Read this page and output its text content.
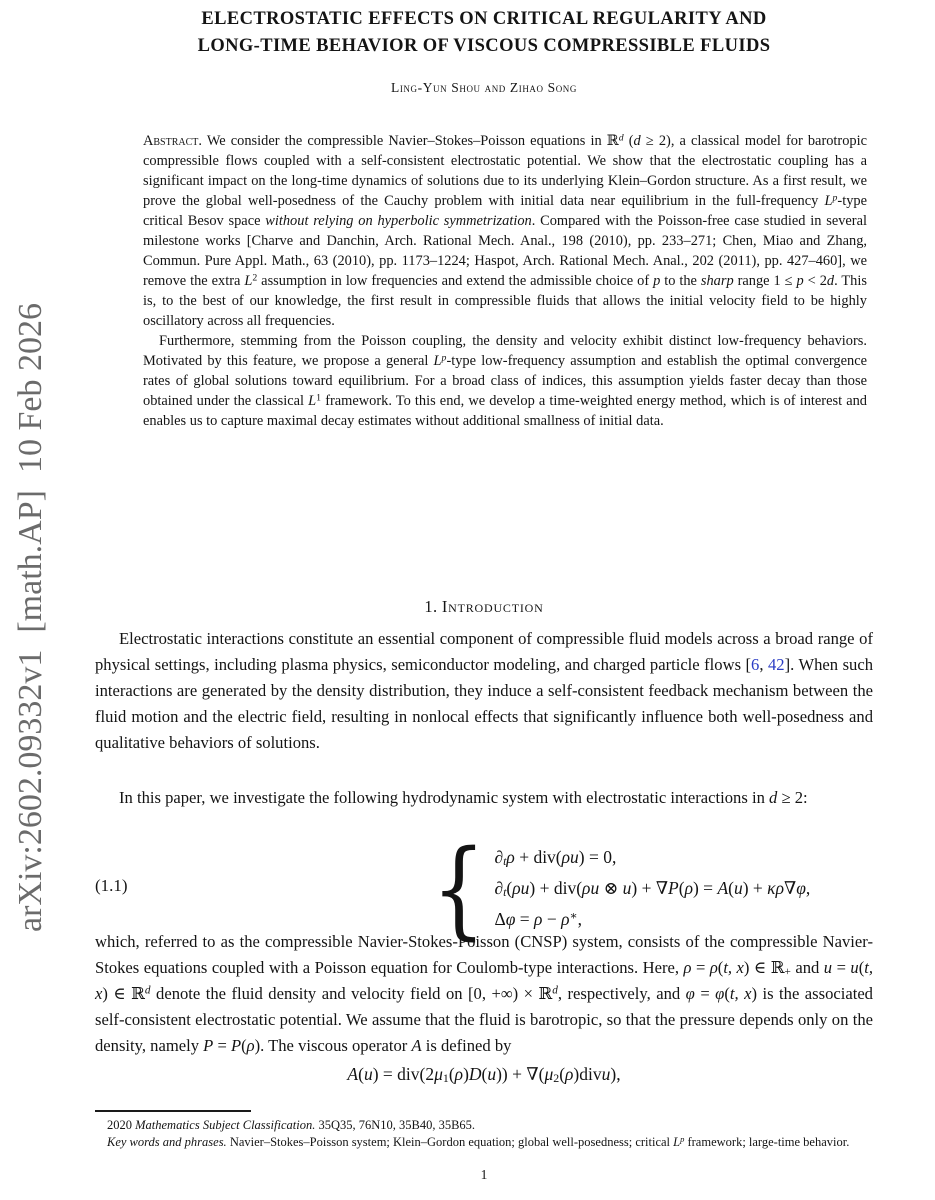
arXiv:2602.09332v1  [math.AP]  10 Feb 2026
ELECTROSTATIC EFFECTS ON CRITICAL REGULARITY AND
LONG-TIME BEHAVIOR OF VISCOUS COMPRESSIBLE FLUIDS
Ling-Yun Shou and Zihao Song

Abstract. We consider the compressible Navier–Stokes–Poisson equations in ℝ$^d$ (d ≥ 2), a classical model for barotropic compressible flows coupled with a self-consistent electrostatic potential. We show that the electrostatic coupling has a significant impact on the long-time dynamics of solutions due to its underlying Klein–Gordon structure. As a first result, we prove the global well-posedness of the Cauchy problem with initial data near equilibrium in the full-frequency $L^p$-type critical Besov space without relying on hyperbolic symmetrization. Compared with the Poisson-free case studied in several milestone works [Charve and Danchin, Arch. Rational Mech. Anal., 198 (2010), pp. 233–271; Chen, Miao and Zhang, Commun. Pure Appl. Math., 63 (2010), pp. 1173–1224; Haspot, Arch. Rational Mech. Anal., 202 (2011), pp. 427–460], we remove the extra $L^2$ assumption in low frequencies and extend the admissible choice of p to the sharp range 1 ≤ p < 2d. This is, to the best of our knowledge, the first result in compressible fluids that allows the initial velocity field to be highly oscillatory across all frequencies.

Furthermore, stemming from the Poisson coupling, the density and velocity exhibit distinct low-frequency behaviors. Motivated by this feature, we propose a general $L^p$-type low-frequency assumption and establish the optimal convergence rates of global solutions toward equilibrium. For a broad class of indices, this assumption yields faster decay than those obtained under the classical $L^1$ framework. To this end, we develop a time-weighted energy method, which is of interest and enables us to capture maximal decay estimates without additional smallness of initial data.

1. Introduction
Electrostatic interactions constitute an essential component of compressible fluid models across a broad range of physical settings, including plasma physics, semiconductor modeling, and charged particle flows [6, 42]. When such interactions are generated by the density distribution, they induce a self-consistent feedback mechanism between the fluid motion and the electric field, resulting in nonlocal effects that significantly influence both well-posedness and qualitative behaviors of solutions.
In this paper, we investigate the following hydrodynamic system with electrostatic interactions in d ≥ 2:
(1.1)	{ ∂tρ + div(ρu) = 0,
∂t(ρu) + div(ρu ⊗ u) + ∇P(ρ) = A(u) + κρ∇φ,
Δφ = ρ − ρ∗,
which, referred to as the compressible Navier-Stokes-Poisson (CNSP) system, consists of the compressible Navier-Stokes equations coupled with a Poisson equation for Coulomb-type interactions. Here, ρ = ρ(t, x) ∈ ℝ+ and u = u(t, x) ∈ ℝ$^d$ denote the fluid density and velocity field on [0, +∞) × ℝ$^d$, respectively, and φ = φ(t, x) is the associated self-consistent electrostatic potential. We assume that the fluid is barotropic, so that the pressure depends only on the density, namely P = P(ρ). The viscous operator A is defined by
A(u) = div(2μ1(ρ)D(u)) + ∇(μ2(ρ)divu),

2020 Mathematics Subject Classification. 35Q35, 76N10, 35B40, 35B65.

Key words and phrases. Navier–Stokes–Poisson system; Klein–Gordon equation; global well-posedness; critical $L^p$ framework; large-time behavior.

1
